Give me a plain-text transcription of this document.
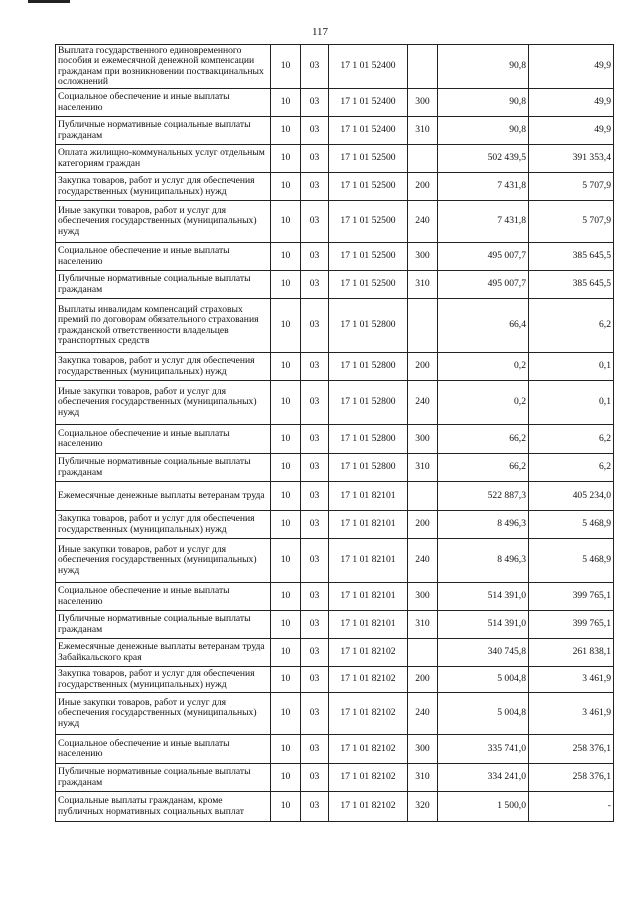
117
Выплата государственного единовременного пособия и ежемесячной денежной компенсации гражданам при возникновении поствакцинальных осложнений	10	03	17 1 01 52400		90,8	49,9
Социальное обеспечение и иные выплаты населению	10	03	17 1 01 52400	300	90,8	49,9
Публичные нормативные социальные выплаты гражданам	10	03	17 1 01 52400	310	90,8	49,9
Оплата жилищно-коммунальных услуг отдельным категориям граждан	10	03	17 1 01 52500		502 439,5	391 353,4
Закупка товаров, работ и услуг для обеспечения государственных (муниципальных) нужд	10	03	17 1 01 52500	200	7 431,8	5 707,9
Иные закупки товаров, работ и услуг для обеспечения государственных (муниципальных) нужд	10	03	17 1 01 52500	240	7 431,8	5 707,9
Социальное обеспечение и иные выплаты населению	10	03	17 1 01 52500	300	495 007,7	385 645,5
Публичные нормативные социальные выплаты гражданам	10	03	17 1 01 52500	310	495 007,7	385 645,5
Выплаты инвалидам компенсаций страховых премий по договорам обязательного страхования гражданской ответственности владельцев транспортных средств	10	03	17 1 01 52800		66,4	6,2
Закупка товаров, работ и услуг для обеспечения государственных (муниципальных) нужд	10	03	17 1 01 52800	200	0,2	0,1
Иные закупки товаров, работ и услуг для обеспечения государственных (муниципальных) нужд	10	03	17 1 01 52800	240	0,2	0,1
Социальное обеспечение и иные выплаты населению	10	03	17 1 01 52800	300	66,2	6,2
Публичные нормативные социальные выплаты гражданам	10	03	17 1 01 52800	310	66,2	6,2
Ежемесячные денежные выплаты ветеранам труда	10	03	17 1 01 82101		522 887,3	405 234,0
Закупка товаров, работ и услуг для обеспечения государственных (муниципальных) нужд	10	03	17 1 01 82101	200	8 496,3	5 468,9
Иные закупки товаров, работ и услуг для обеспечения государственных (муниципальных) нужд	10	03	17 1 01 82101	240	8 496,3	5 468,9
Социальное обеспечение и иные выплаты населению	10	03	17 1 01 82101	300	514 391,0	399 765,1
Публичные нормативные социальные выплаты гражданам	10	03	17 1 01 82101	310	514 391,0	399 765,1
Ежемесячные денежные выплаты ветеранам труда Забайкальского края	10	03	17 1 01 82102		340 745,8	261 838,1
Закупка товаров, работ и услуг для обеспечения государственных (муниципальных) нужд	10	03	17 1 01 82102	200	5 004,8	3 461,9
Иные закупки товаров, работ и услуг для обеспечения государственных (муниципальных) нужд	10	03	17 1 01 82102	240	5 004,8	3 461,9
Социальное обеспечение и иные выплаты населению	10	03	17 1 01 82102	300	335 741,0	258 376,1
Публичные нормативные социальные выплаты гражданам	10	03	17 1 01 82102	310	334 241,0	258 376,1
Социальные выплаты гражданам, кроме публичных нормативных социальных выплат	10	03	17 1 01 82102	320	1 500,0	-
